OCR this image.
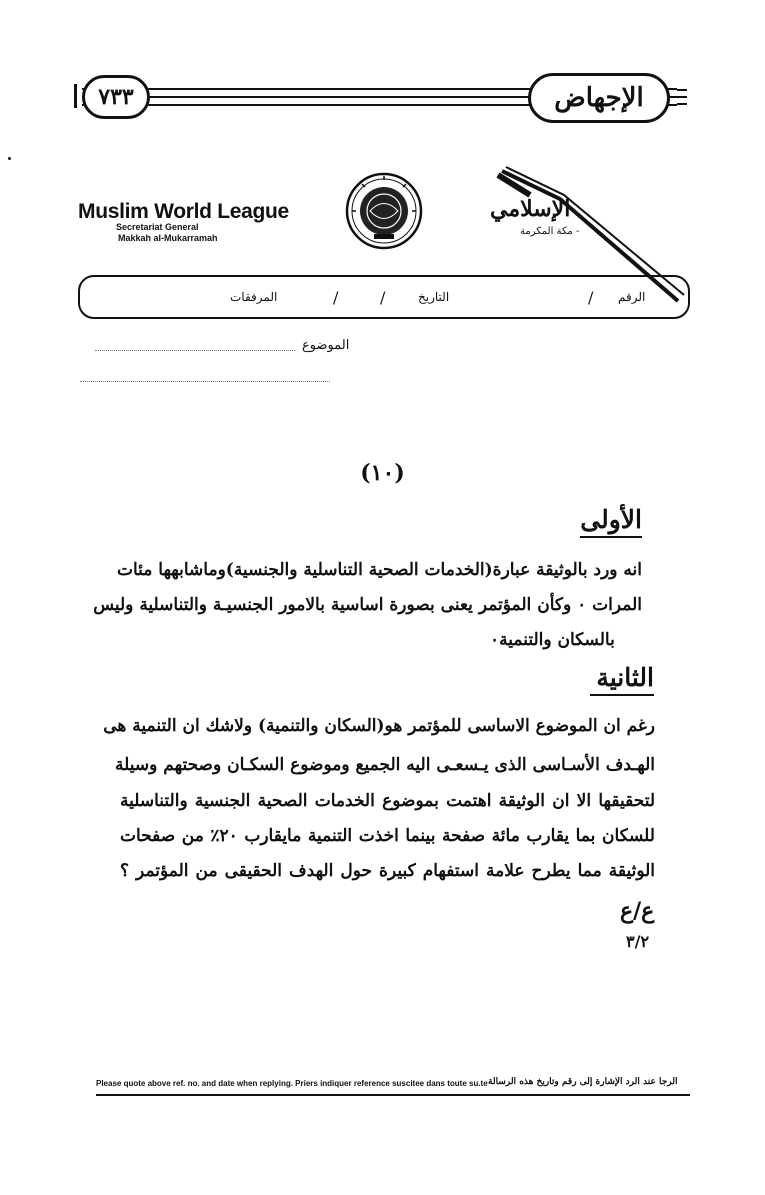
٧٣٣	الإجهاض
Muslim World League
Secretariat General
Makkah al-Mukarramah
الإسلامي
- مكة المكرمة
الرقم
/
التاريخ
/
/
المرفقات
الموضوع
(١٠)
الأولى
انه ورد بالوثيقة عبارة(الخدمات الصحية التناسلية والجنسية)وماشابهها مئات
المرات ٠ وكأن المؤتمر يعنى بصورة اساسية بالامور الجنسيـة والتناسلية وليس
بالسكان والتنمية٠
الثانية
رغم ان الموضوع الاساسى للمؤتمر هو(السكان والتنمية) ولاشك ان التنمية هى
الهـدف الأسـاسى الذى يـسعـى اليه الجميع وموضوع السكـان وصحتهم وسيلة
لتحقيقها الا ان الوثيقة اهتمت بموضوع الخدمات الصحية الجنسية والتناسلية
للسكان بما يقارب مائة صفحة بينما اخذت التنمية مايقارب ٢٠٪ من صفحات
الوثيقة مما يطرح علامة استفهام كبيرة حول الهدف الحقيقى من المؤتمر ؟
ع/ع
٣/٢
Please quote above ref. no. and date when replying. Priers indiquer reference suscitee dans toute su.te الرجا عند الرد الإشارة إلى رقم وتاريخ هذه الرسالة
